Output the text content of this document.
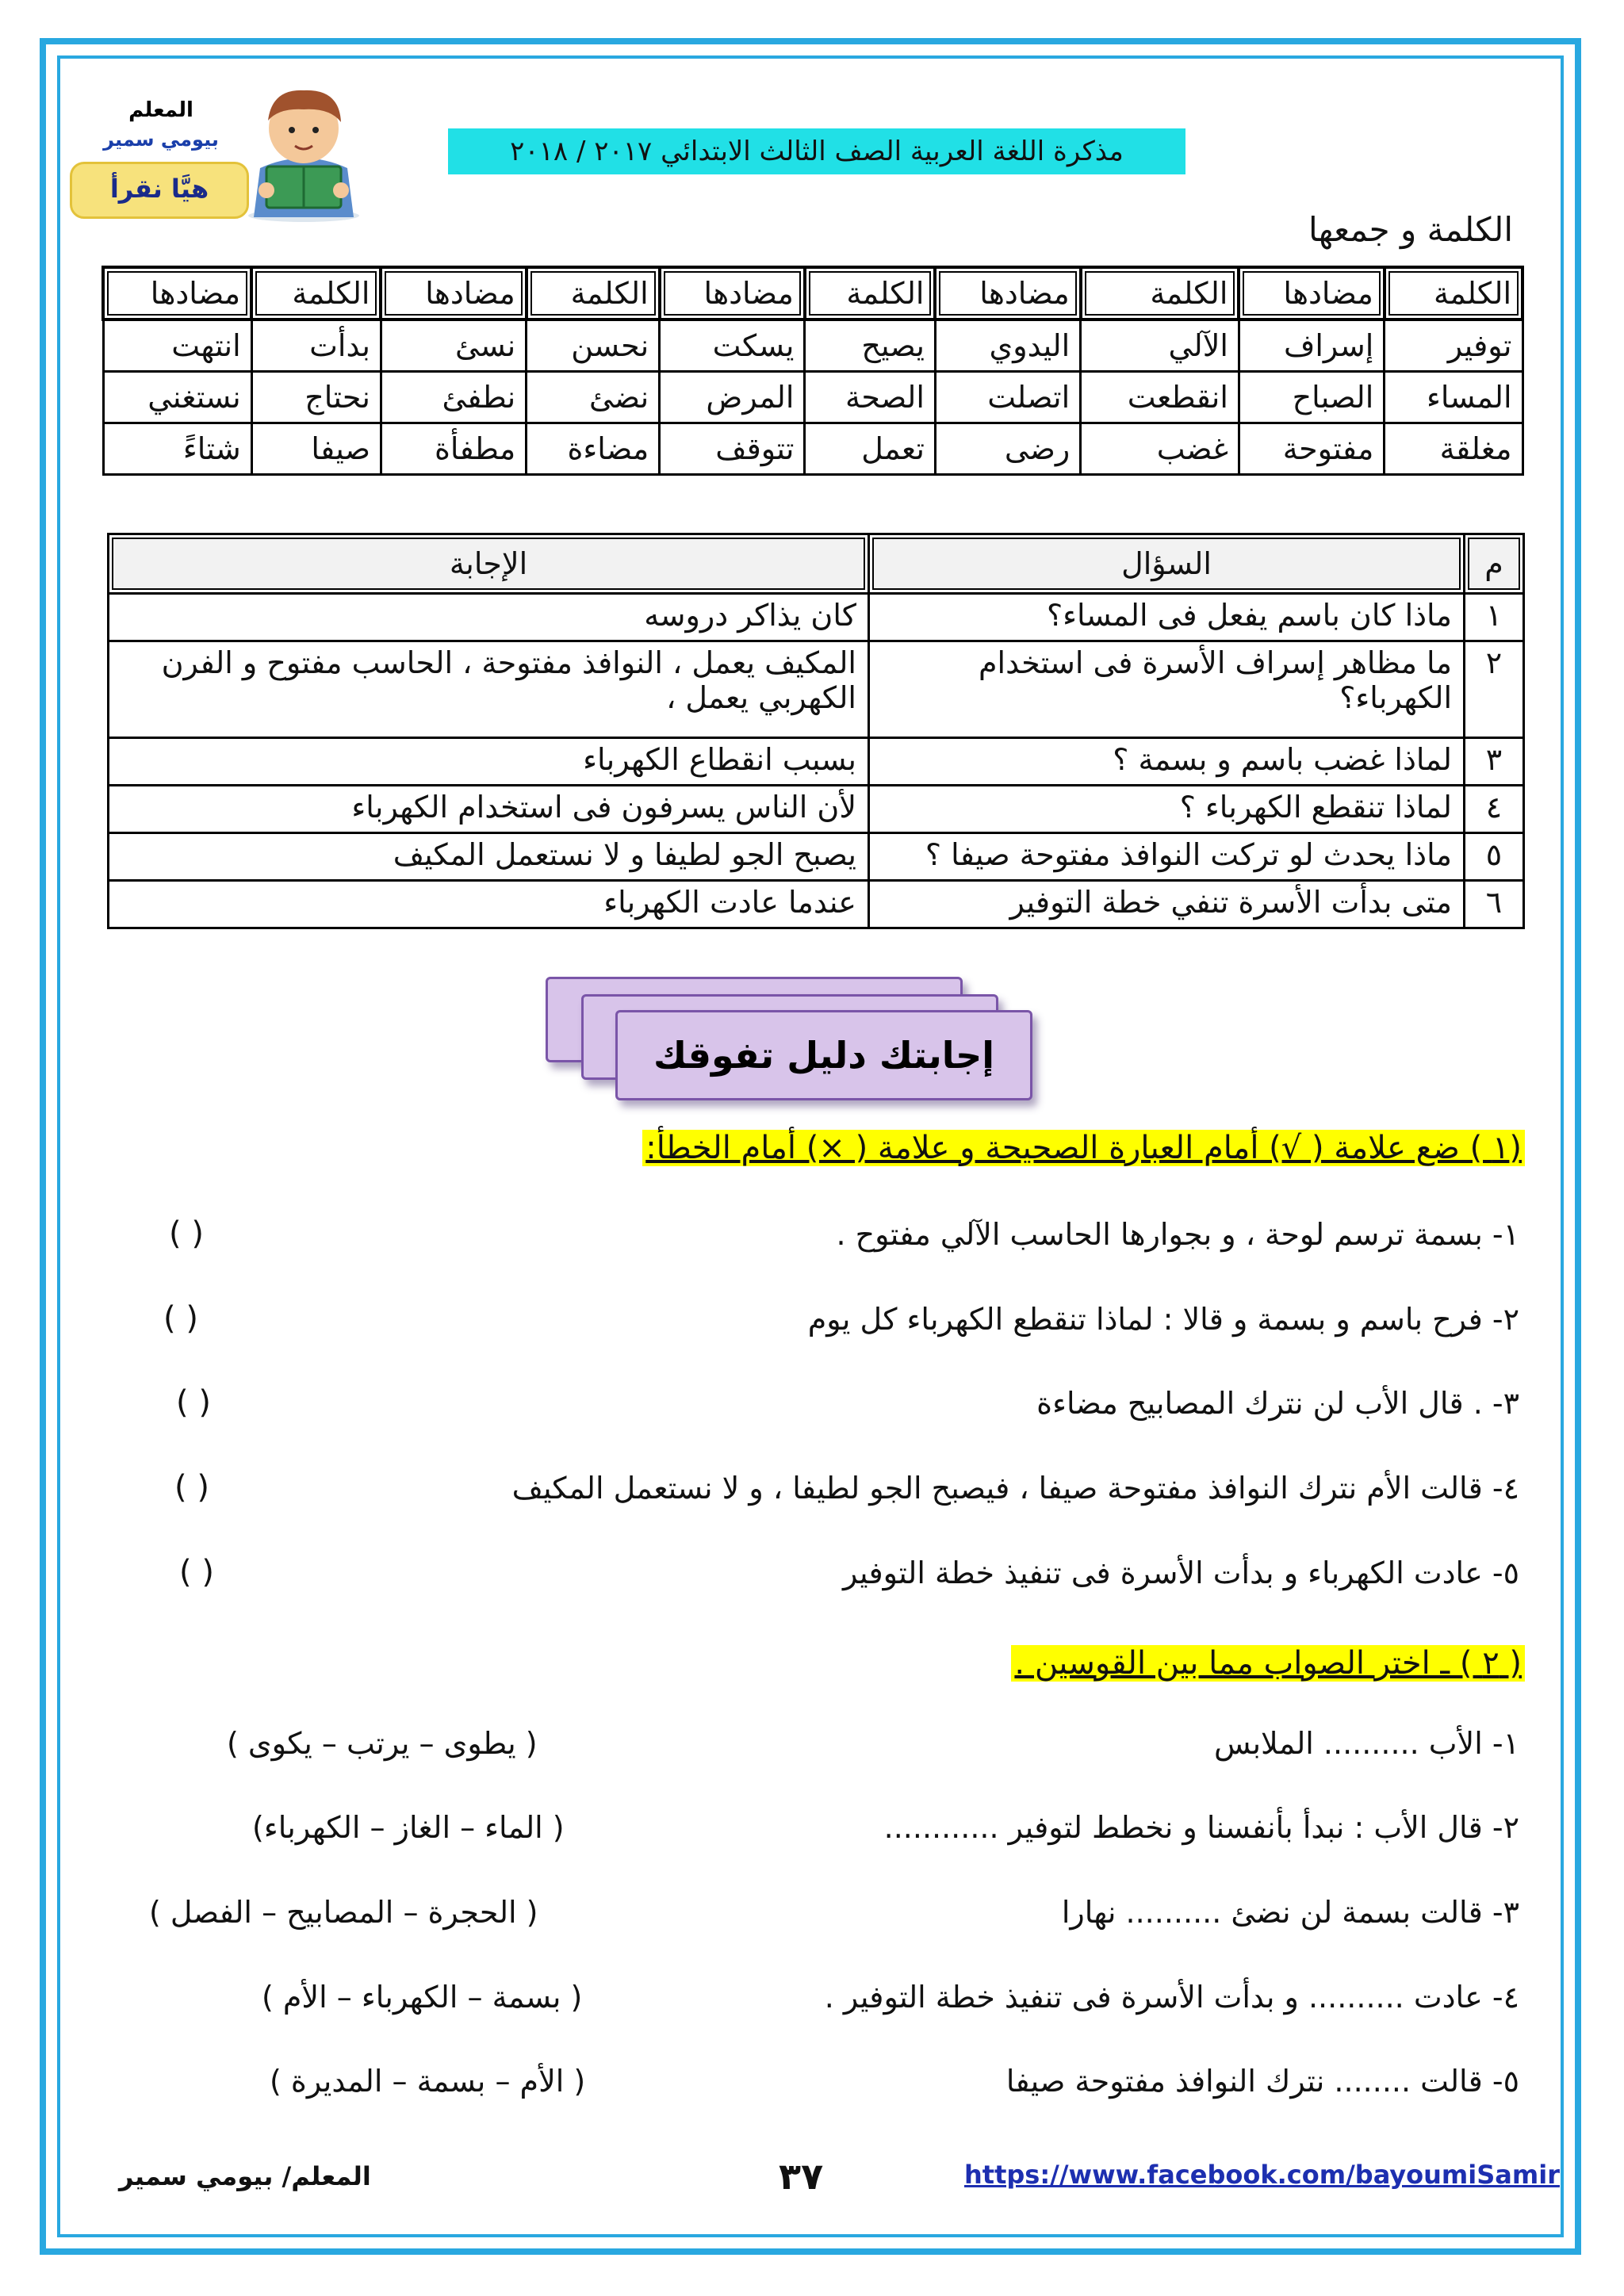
المعلم
بيومي سمير
هيَّا نقرأ
مذكرة اللغة العربية الصف الثالث الابتدائي ٢٠١٧ / ٢٠١٨
الكلمة و جمعها
الكلمة	مضادها	الكلمة	مضادها	الكلمة	مضادها	الكلمة	مضادها	الكلمة	مضادها
توفير	إسراف	الآلي	اليدوي	يصيح	يسكت	نحسن	نسئ	بدأت	انتهت
المساء	الصباح	انقطعت	اتصلت	الصحة	المرض	نضئ	نطفئ	نحتاج	نستغني
مغلقة	مفتوحة	غضب	رضى	تعمل	تتوقف	مضاءة	مطفأة	صيفا	شتاءً
م	السؤال	الإجابة
١	ماذا كان باسم يفعل فى المساء؟	كان يذاكر دروسه
٢	ما مظاهر إسراف الأسرة فى استخدام الكهرباء؟	المكيف يعمل ، النوافذ مفتوحة ، الحاسب مفتوح و الفرن الكهربي يعمل ،
٣	لماذا غضب باسم و بسمة ؟	بسبب انقطاع الكهرباء
٤	لماذا تنقطع الكهرباء ؟	لأن الناس يسرفون فى استخدام الكهرباء
٥	ماذا يحدث لو تركت النوافذ مفتوحة صيفا ؟	يصبح الجو لطيفا و لا نستعمل المكيف
٦	متى بدأت الأسرة تنفي خطة التوفير	عندما عادت الكهرباء
إجابتك دليل تفوقك
(١ ) ضع علامة ( √) أمام العبارة الصحيحة و علامة ( ×) أمام الخطأ:
١- بسمة ترسم لوحة ، و بجوارها الحاسب الآلي مفتوح .
( )
٢- فرح باسم و بسمة و قالا : لماذا تنقطع الكهرباء كل يوم
( )
٣- . قال الأب لن نترك المصابيح مضاءة
( )
٤- قالت الأم نترك النوافذ مفتوحة صيفا ، فيصبح الجو لطيفا ، و لا نستعمل المكيف
( )
٥- عادت الكهرباء و بدأت الأسرة فى تنفيذ خطة التوفير
( )
( ٢ ) ـ اختر الصواب مما بين القوسين .
١- الأب .......... الملابس
( يطوى – يرتب – يكوى )
٢- قال الأب : نبدأ بأنفسنا و نخطط لتوفير ............
( الماء – الغاز – الكهرباء)
٣- قالت بسمة لن نضئ .......... نهارا
( الحجرة – المصابيح – الفصل )
٤- عادت .......... و بدأت الأسرة فى تنفيذ خطة التوفير .
( بسمة – الكهرباء – الأم )
٥- قالت ........ نترك النوافذ مفتوحة صيفا
( الأم – بسمة – المديرة )
https://www.facebook.com/bayoumiSamir
٣٧
المعلم/ بيومي سمير
